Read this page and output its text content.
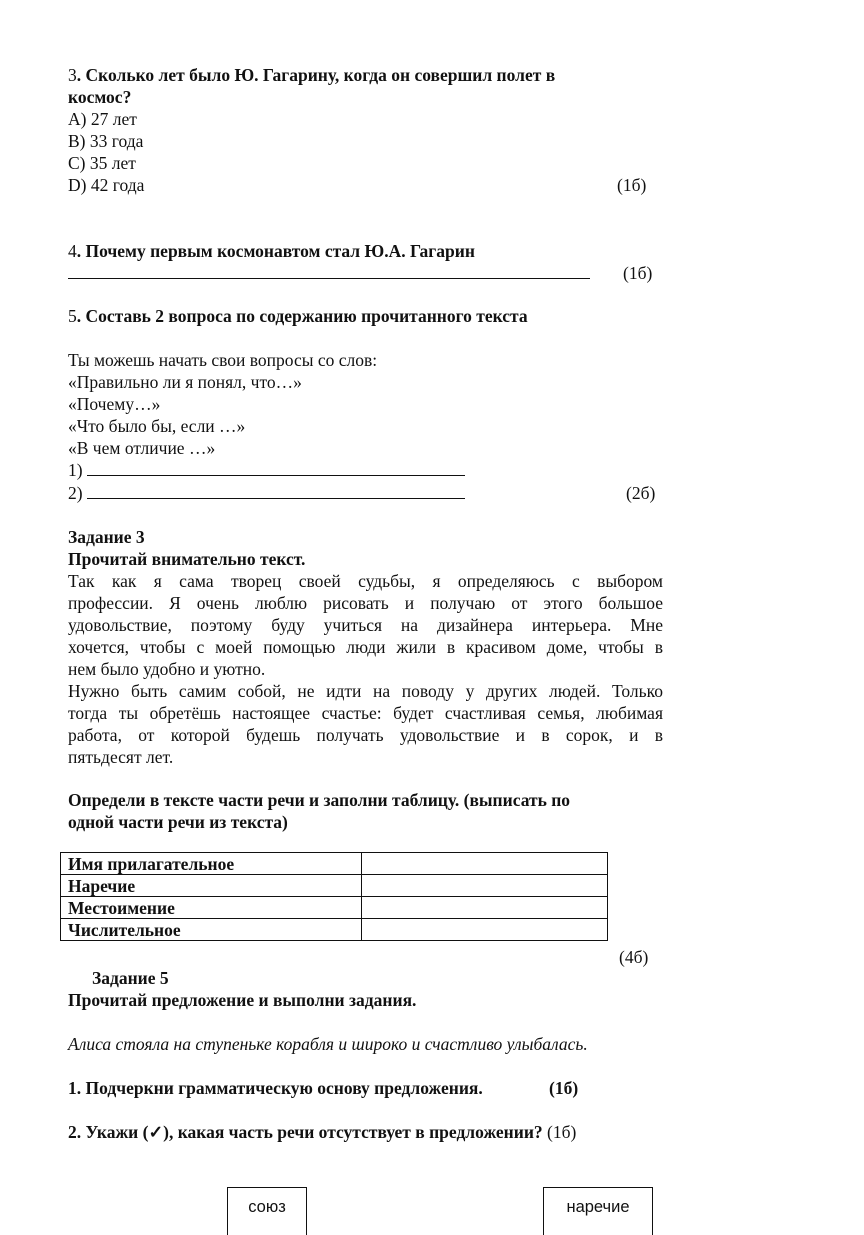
3. Сколько лет было Ю. Гагарину, когда он совершил полет в
космос?
A) 27 лет
B) 33 года
C) 35 лет
D) 42 года	(1б)
4. Почему первым космонавтом стал Ю.А. Гагарин
(1б)
5. Составь 2 вопроса по содержанию прочитанного текста
Ты можешь начать свои вопросы со слов:
«Правильно ли я понял, что…»
«Почему…»
«Что было бы, если …»
«В чем отличие …»
1)
2)	(2б)
Задание 3
Прочитай внимательно текст.
Так как я сама творец своей судьбы, я определяюсь с выбором
профессии. Я очень люблю рисовать и получаю от этого большое
удовольствие, поэтому буду учиться на дизайнера интерьера. Мне
хочется, чтобы с моей помощью люди жили в красивом доме, чтобы в
нем было удобно и уютно.
Нужно быть самим собой, не идти на поводу у других людей. Только
тогда ты обретёшь настоящее счастье: будет счастливая семья, любимая
работа, от которой будешь получать удовольствие и в сорок, и в
пятьдесят лет.
Определи в тексте части речи и заполни таблицу. (выписать по
одной части речи из текста)
Имя прилагательное	
Наречие	
Местоимение	
Числительное	
(4б)
Задание 5
Прочитай предложение и выполни задания.
Алиса стояла на ступеньке корабля и широко и счастливо улыбалась.
1. Подчеркни грамматическую основу предложения.	(1б)
2. Укажи (✓), какая часть речи отсутствует в предложении? (1б)
союз	наречие
